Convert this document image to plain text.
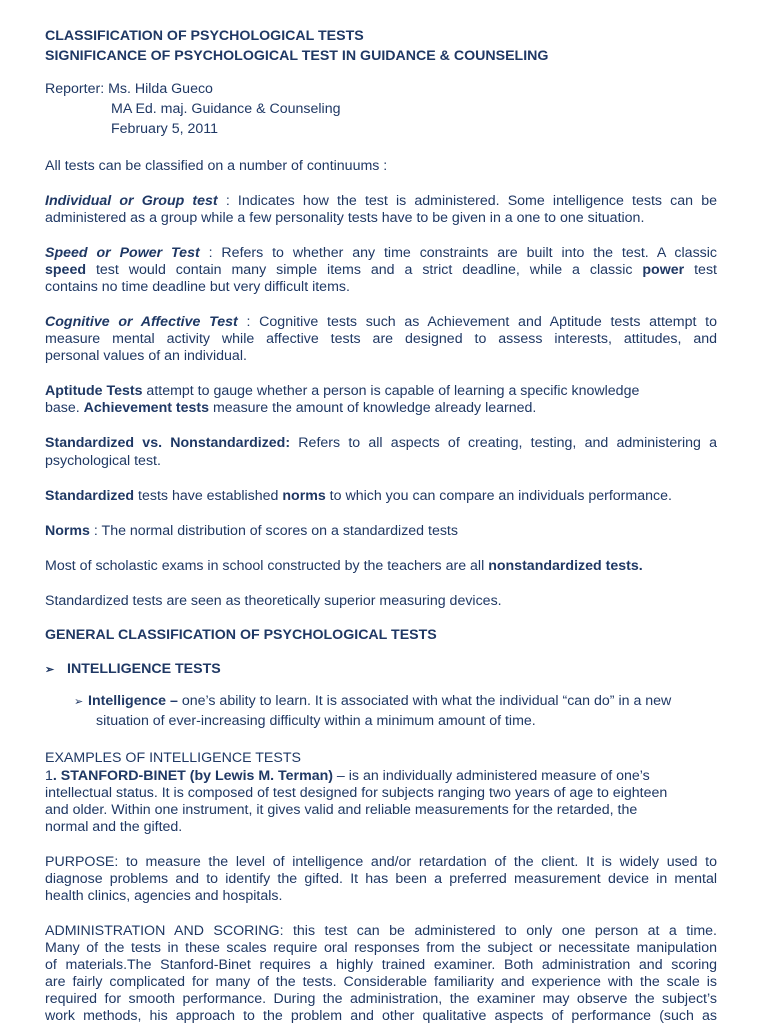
CLASSIFICATION OF PSYCHOLOGICAL TESTS
SIGNIFICANCE OF PSYCHOLOGICAL TEST IN GUIDANCE & COUNSELING
Reporter: Ms. Hilda Gueco
MA Ed. maj. Guidance & Counseling
February 5, 2011
All tests can be classified on a number of continuums :
Individual or Group test : Indicates how the test is administered. Some intelligence tests can be
administered as a group while a few personality tests have to be given in a one to one situation.
Speed or Power Test : Refers to whether any time constraints are built into the test. A classic
speed test would contain many simple items and a strict deadline, while a classic power test
contains no time deadline but very difficult items.
Cognitive or Affective Test : Cognitive tests such as Achievement and Aptitude tests attempt to
measure mental activity while affective tests are designed to assess interests, attitudes, and
personal values of an individual.
Aptitude Tests attempt to gauge whether a person is capable of learning a specific knowledge
base. Achievement tests measure the amount of knowledge already learned.
Standardized vs. Nonstandardized: Refers to all aspects of creating, testing, and administering a
psychological test.
Standardized tests have established norms to which you can compare an individuals performance.
Norms : The normal distribution of scores on a standardized tests
Most of scholastic exams in school constructed by the teachers are all nonstandardized tests.
Standardized tests are seen as theoretically superior measuring devices.
GENERAL CLASSIFICATION OF PSYCHOLOGICAL TESTS
➢ INTELLIGENCE TESTS
➢ Intelligence – one’s ability to learn. It is associated with what the individual “can do” in a new
situation of ever-increasing difficulty within a minimum amount of time.
EXAMPLES OF INTELLIGENCE TESTS
1. STANFORD-BINET (by Lewis M. Terman) – is an individually administered measure of one’s
intellectual status. It is composed of test designed for subjects ranging two years of age to eighteen
and older. Within one instrument, it gives valid and reliable measurements for the retarded, the
normal and the gifted.
PURPOSE: to measure the level of intelligence and/or retardation of the client. It is widely used to
diagnose problems and to identify the gifted. It has been a preferred measurement device in mental
health clinics, agencies and hospitals.
ADMINISTRATION AND SCORING: this test can be administered to only one person at a time.
Many of the tests in these scales require oral responses from the subject or necessitate manipulation
of materials.The Stanford-Binet requires a highly trained examiner. Both administration and scoring
are fairly complicated for many of the tests. Considerable familiarity and experience with the scale is
required for smooth performance. During the administration, the examiner may observe the subject’s
work methods, his approach to the problem and other qualitative aspects of performance (such as
